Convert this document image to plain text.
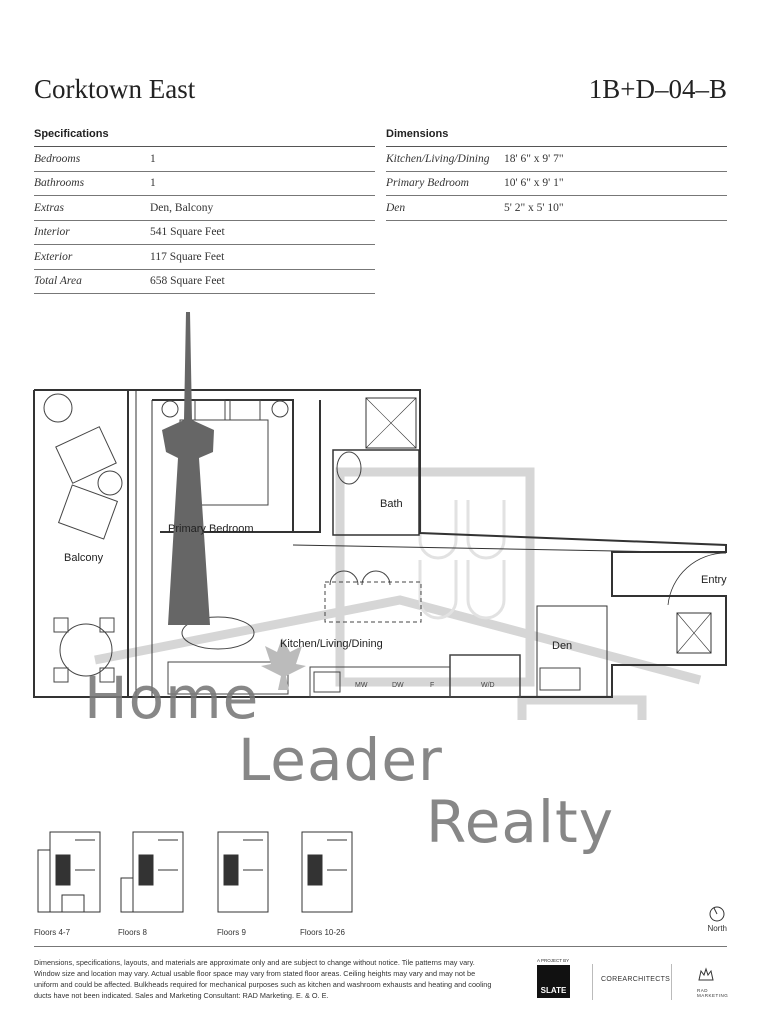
Corktown East	1B+D–04–B
Specifications
Bedrooms	1
Bathrooms	1
Extras	Den, Balcony
Interior	541 Square Feet
Exterior	117 Square Feet
Total Area	658 Square Feet
Dimensions
Kitchen/Living/Dining	18' 6" x 9' 7"
Primary Bedroom	10' 6" x 9' 1"
Den	5' 2" x 5' 10"
Primary Bedroom
Bath
Balcony
Kitchen/Living/Dining	Den
Entry
MW	DW	F	W/D
Home
Leader
Realty
Floors 4-7	Floors 8	Floors 9	Floors 10-26	North
Dimensions, specifications, layouts, and materials are approximate only and are subject to change without notice. Tile patterns may vary. Window size and location may vary. Actual usable floor space may vary from stated floor areas. Ceiling heights may vary and may not be uniform and could be affected. Bulkheads required for mechanical purposes such as kitchen and washroom exhausts and heating and cooling ducts have not been indicated. Sales and Marketing Consultant: RAD Marketing. E. & O. E.
A PROJECT BY
SLATE
COREARCHITECTS
RAD MARKETING
